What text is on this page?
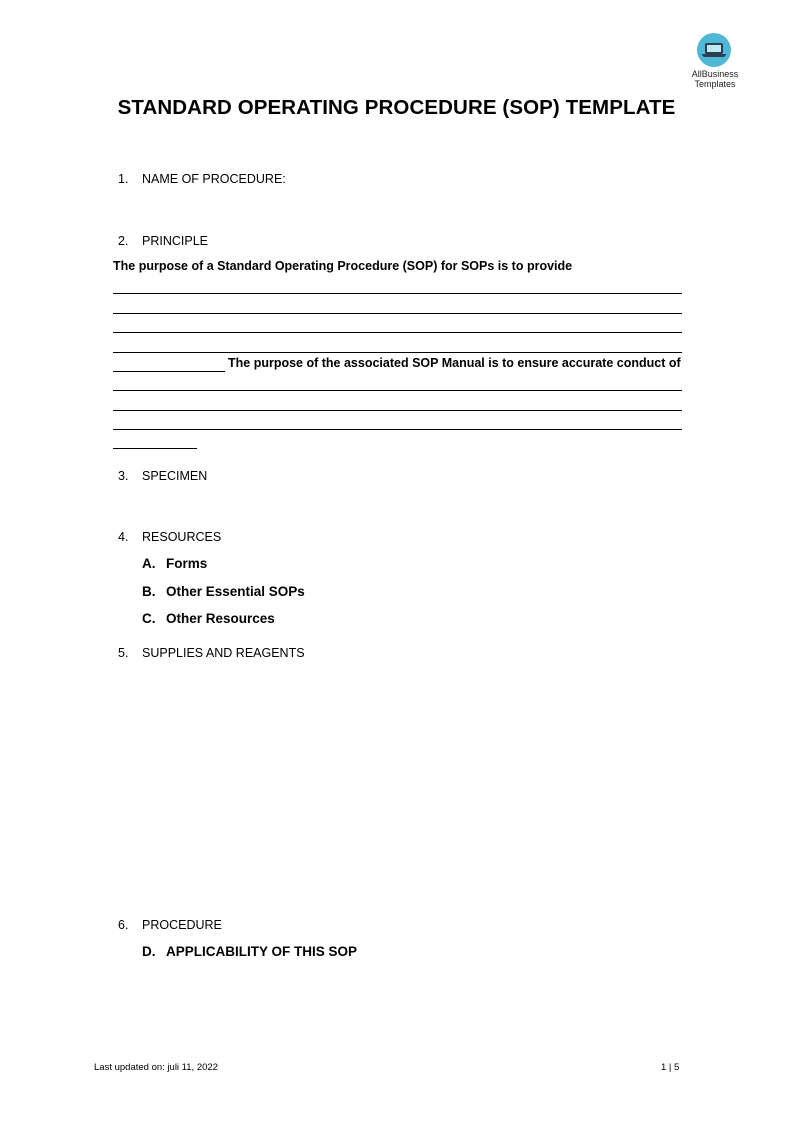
AllBusiness
Templates
STANDARD OPERATING PROCEDURE (SOP) TEMPLATE
1. NAME OF PROCEDURE:
2. PRINCIPLE
The purpose of a Standard Operating Procedure (SOP) for SOPs is to provide
The purpose of the associated SOP Manual is to ensure accurate conduct of
3. SPECIMEN
4. RESOURCES
A. Forms
B. Other Essential SOPs
C. Other Resources
5. SUPPLIES AND REAGENTS
6. PROCEDURE
D. APPLICABILITY OF THIS SOP
Last updated on: juli 11, 2022	1 | 5
